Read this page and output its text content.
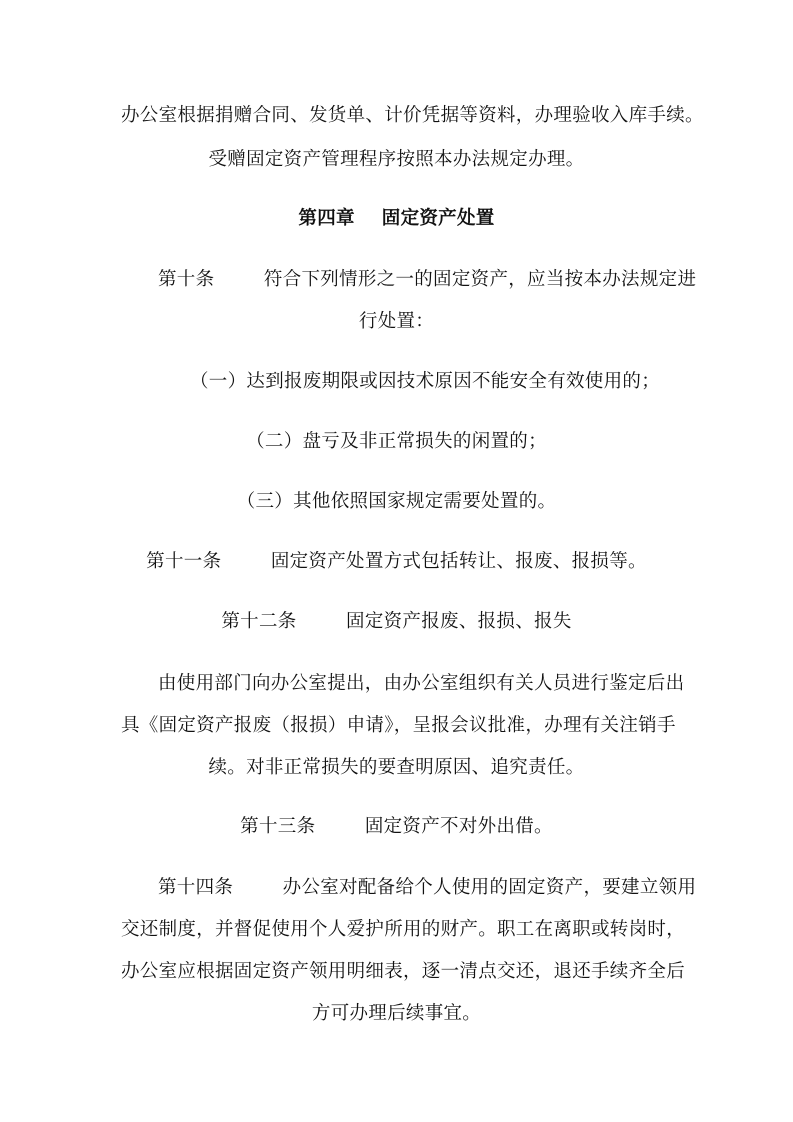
办公室根据捐赠合同、发货单、计价凭据等资料，办理验收入库手续。
受赠固定资产管理程序按照本办法规定办理。
第四章    固定资产处置
第十条        符合下列情形之一的固定资产，应当按本办法规定进
行处置：
（一）达到报废期限或因技术原因不能安全有效使用的；
（二）盘亏及非正常损失的闲置的；
（三）其他依照国家规定需要处置的。
第十一条        固定资产处置方式包括转让、报废、报损等。
第十二条        固定资产报废、报损、报失
由使用部门向办公室提出，由办公室组织有关人员进行鉴定后出
具《固定资产报废（报损）申请》，呈报会议批准，办理有关注销手
续。对非正常损失的要查明原因、追究责任。
第十三条        固定资产不对外出借。
第十四条        办公室对配备给个人使用的固定资产，要建立领用
交还制度，并督促使用个人爱护所用的财产。职工在离职或转岗时，
办公室应根据固定资产领用明细表，逐一清点交还，退还手续齐全后
方可办理后续事宜。
